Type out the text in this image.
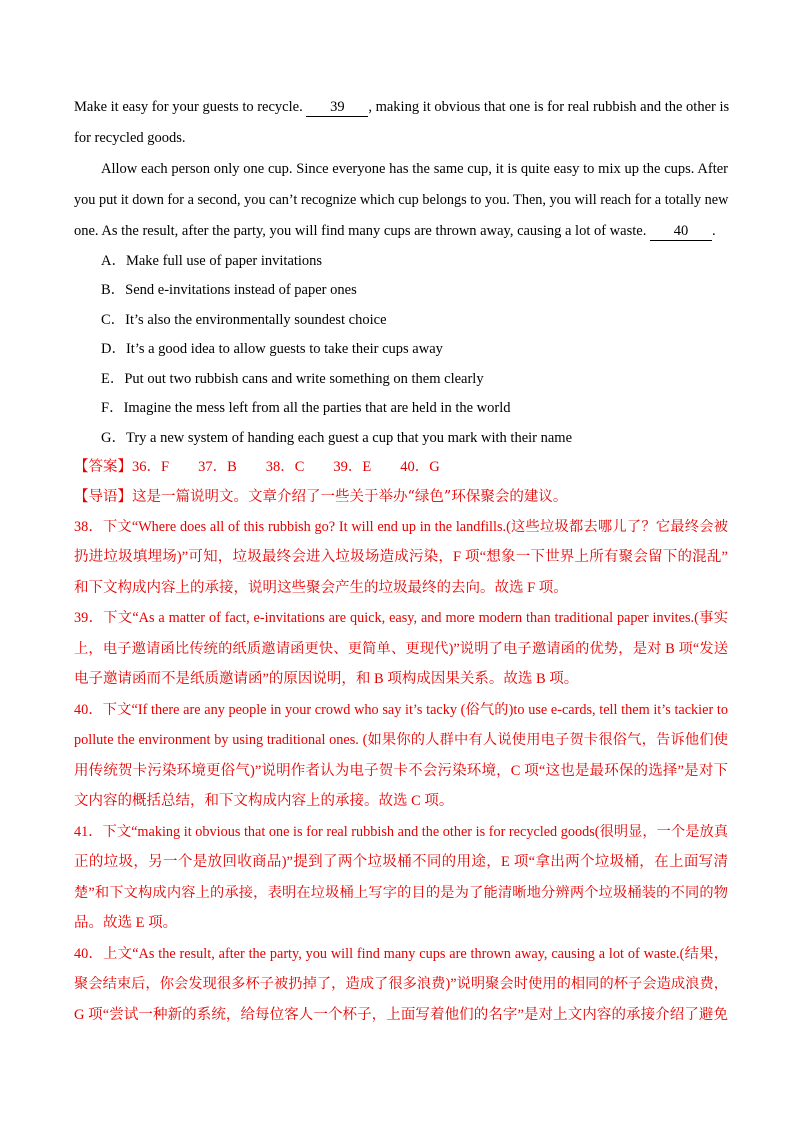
Make it easy for your guests to recycle. 39 , making it obvious that one is for real rubbish and the other is
for recycled goods.
Allow each person only one cup. Since everyone has the same cup, it is quite easy to mix up the cups. After
you put it down for a second, you can’t recognize which cup belongs to you. Then, you will reach for a totally new
one. As the result, after the party, you will find many cups are thrown away, causing a lot of waste. 40 .
A．Make full use of paper invitations
B．Send e-invitations instead of paper ones
C．It’s also the environmentally soundest choice
D．It’s a good idea to allow guests to take their cups away
E．Put out two rubbish cans and write something on them clearly
F．Imagine the mess left from all the parties that are held in the world
G．Try a new system of handing each guest a cup that you mark with their name
【答案】36．F　　37．B　　38．C　　39．E　　40．G
【导语】这是一篇说明文。文章介绍了一些关于举办“绿色”环保聚会的建议。
38．下文“Where does all of this rubbish go? It will end up in the landfills.(这些垃圾都去哪儿了？它最终会被
扔进垃圾填埋场)”可知，垃圾最终会进入垃圾场造成污染，F 项“想象一下世界上所有聚会留下的混乱”
和下文构成内容上的承接，说明这些聚会产生的垃圾最终的去向。故选 F 项。
39．下文“As a matter of fact, e-invitations are quick, easy, and more modern than traditional paper invites.(事实
上，电子邀请函比传统的纸质邀请函更快、更简单、更现代)”说明了电子邀请函的优势，是对 B 项“发送
电子邀请函而不是纸质邀请函”的原因说明，和 B 项构成因果关系。故选 B 项。
40．下文“If there are any people in your crowd who say it’s tacky (俗气的)to use e-cards, tell them it’s tackier to
pollute the environment by using traditional ones. (如果你的人群中有人说使用电子贺卡很俗气，告诉他们使
用传统贺卡污染环境更俗气)”说明作者认为电子贺卡不会污染环境，C 项“这也是最环保的选择”是对下
文内容的概括总结，和下文构成内容上的承接。故选 C 项。
41．下文“making it obvious that one is for real rubbish and the other is for recycled goods(很明显，一个是放真
正的垃圾，另一个是放回收商品)”提到了两个垃圾桶不同的用途，E 项“拿出两个垃圾桶，在上面写清
楚”和下文构成内容上的承接，表明在垃圾桶上写字的目的是为了能清晰地分辨两个垃圾桶装的不同的物
品。故选 E 项。
40．上文“As the result, after the party, you will find many cups are thrown away, causing a lot of waste.(结果，
聚会结束后，你会发现很多杯子被扔掉了，造成了很多浪费)”说明聚会时使用的相同的杯子会造成浪费，
G 项“尝试一种新的系统，给每位客人一个杯子，上面写着他们的名字”是对上文内容的承接介绍了避免
